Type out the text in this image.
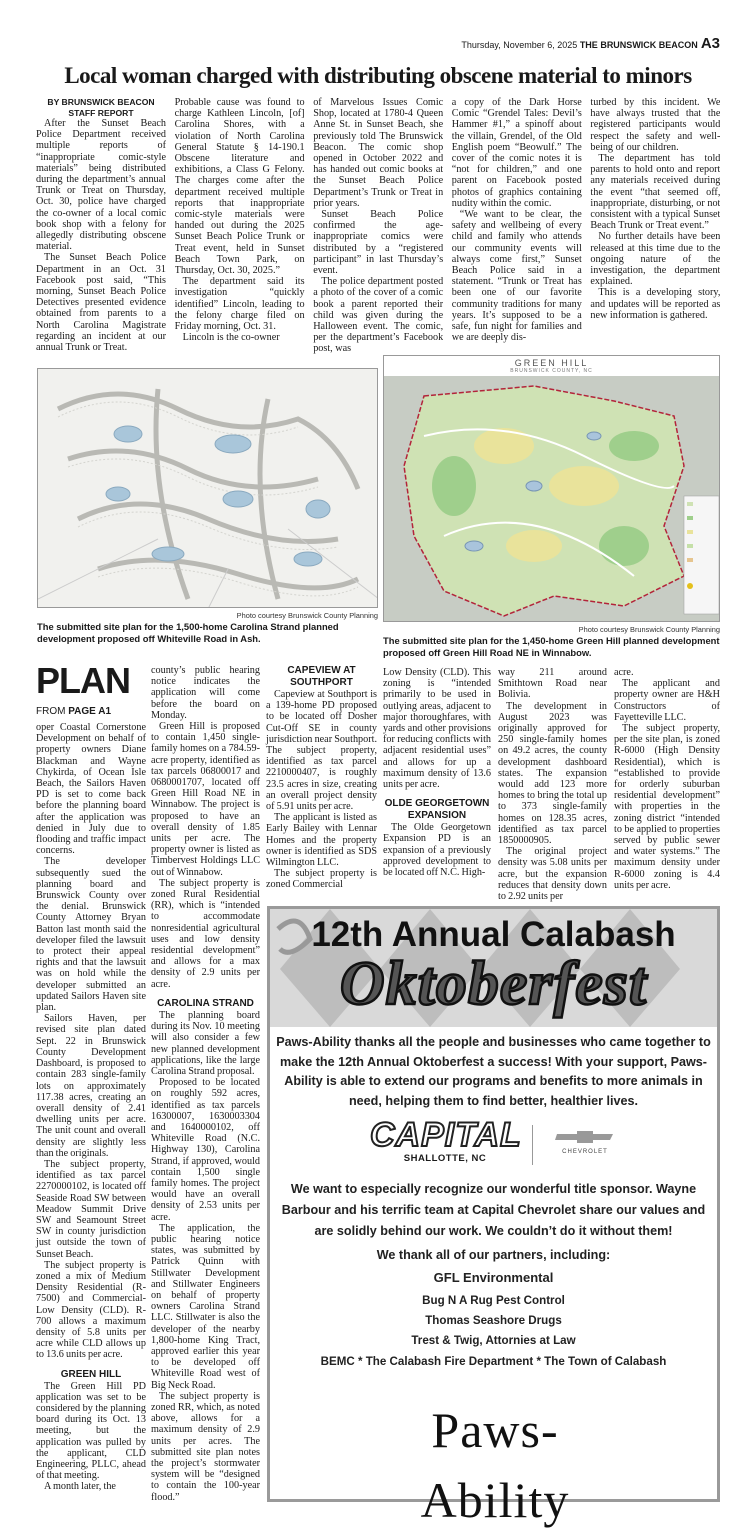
Thursday, November 6, 2025 THE BRUNSWICK BEACON A3
Local woman charged with distributing obscene material to minors

BY BRUNSWICK BEACON STAFF REPORT

After the Sunset Beach Police Department received multiple reports of “inappropriate comic-style materials” being distributed during the department’s annual Trunk or Treat on Thursday, Oct. 30, police have charged the co-owner of a local comic book shop with a felony for allegedly distributing obscene material.

The Sunset Beach Police Department in an Oct. 31 Facebook post said, “This morning, Sunset Beach Police Detectives presented evidence obtained from parents to a North Carolina Magistrate regarding an incident at our annual Trunk or Treat.

Probable cause was found to charge Kathleen Lincoln, [of] Carolina Shores, with a violation of North Carolina General Statute § 14-190.1 Obscene literature and exhibitions, a Class G Felony. The charges come after the department received multiple reports that inappropriate comic-style materials were handed out during the 2025 Sunset Beach Police Trunk or Treat event, held in Sunset Beach Town Park, on Thursday, Oct. 30, 2025.”

The department said its investigation “quickly identified” Lincoln, leading to the felony charge filed on Friday morning, Oct. 31.

Lincoln is the co-owner

of Marvelous Issues Comic Shop, located at 1780-4 Queen Anne St. in Sunset Beach, she previously told The Brunswick Beacon. The comic shop opened in October 2022 and has handed out comic books at the Sunset Beach Police Department’s Trunk or Treat in prior years.

Sunset Beach Police confirmed the age-inappropriate comics were distributed by a “registered participant” in last Thursday’s event.

The police department posted a photo of the cover of a comic book a parent reported their child was given during the Halloween event. The comic, per the department’s Facebook post, was

a copy of the Dark Horse Comic “Grendel Tales: Devil’s Hammer #1,” a spinoff about the villain, Grendel, of the Old English poem “Beowulf.” The cover of the comic notes it is “not for children,” and one parent on Facebook posted photos of graphics containing nudity within the comic.

“We want to be clear, the safety and wellbeing of every child and family who attends our community events will always come first,” Sunset Beach Police said in a statement. “Trunk or Treat has been one of our favorite community traditions for many years. It’s supposed to be a safe, fun night for families and we are deeply dis-

turbed by this incident. We have always trusted that the registered participants would respect the safety and well-being of our children.

The department has told parents to hold onto and report any materials received during the event “that seemed off, inappropriate, disturbing, or not consistent with a typical Sunset Beach Trunk or Treat event.”

No further details have been released at this time due to the ongoing nature of the investigation, the department explained.

This is a developing story, and updates will be reported as new information is gathered.

Photo courtesy Brunswick County Planning
The submitted site plan for the 1,500-home Carolina Strand planned development proposed off Whiteville Road in Ash.
GREEN HILL
BRUNSWICK COUNTY, NC
Photo courtesy Brunswick County Planning
The submitted site plan for the 1,450-home Green Hill planned development proposed off Green Hill Road NE in Winnabow.
PLAN
FROM PAGE A1

oper Coastal Cornerstone Development on behalf of property owners Diane Blackman and Wayne Chykirda, of Ocean Isle Beach, the Sailors Haven PD is set to come back before the planning board after the application was denied in July due to flooding and traffic impact concerns.

The developer subsequently sued the planning board and Brunswick County over the denial. Brunswick County Attorney Bryan Batton last month said the developer filed the lawsuit to protect their appeal rights and that the lawsuit was on hold while the developer submitted an updated Sailors Haven site plan.

Sailors Haven, per revised site plan dated Sept. 22 in Brunswick County Development Dashboard, is proposed to contain 283 single-family lots on approximately 117.38 acres, creating an overall density of 2.41 dwelling units per acre. The unit count and overall density are slightly less than the originals.

The subject property, identified as tax parcel 2270000102, is located off Seaside Road SW between Meadow Summit Drive SW and Seamount Street SW in county jurisdiction just outside the town of Sunset Beach.

The subject property is zoned a mix of Medium Density Residential (R-7500) and Commercial-Low Density (CLD). R-700 allows a maximum density of 5.8 units per acre while CLD allows up to 13.6 units per acre.

GREEN HILL

The Green Hill PD application was set to be considered by the planning board during its Oct. 13 meeting, but the application was pulled by the applicant, CLD Engineering, PLLC, ahead of that meeting.

A month later, the

county’s public hearing notice indicates the application will come before the board on Monday.

Green Hill is proposed to contain 1,450 single-family homes on a 784.59-acre property, identified as tax parcels 06800017 and 0680001707, located off Green Hill Road NE in Winnabow. The project is proposed to have an overall density of 1.85 units per acre. The property owner is listed as Timbervest Holdings LLC out of Winnabow.

The subject property is zoned Rural Residential (RR), which is “intended to accommodate nonresidential agricultural uses and low density residential development” and allows for a max density of 2.9 units per acre.

CAROLINA STRAND

The planning board during its Nov. 10 meeting will also consider a few new planned development applications, like the large Carolina Strand proposal.

Proposed to be located on roughly 592 acres, identified as tax parcels 16300007, 1630003304 and 1640000102, off Whiteville Road (N.C. Highway 130), Carolina Strand, if approved, would contain 1,500 single family homes. The project would have an overall density of 2.53 units per acre.

The application, the public hearing notice states, was submitted by Patrick Quinn with Stillwater Development and Stillwater Engineers on behalf of property owners Carolina Strand LLC. Stillwater is also the developer of the nearby 1,800-home King Tract, approved earlier this year to be developed off Whiteville Road west of Big Neck Road.

The subject property is zoned RR, which, as noted above, allows for a maximum density of 2.9 units per acres. The submitted site plan notes the project’s stormwater system will be “designed to contain the 100-year flood.”

CAPEVIEW AT SOUTHPORT

Capeview at Southport is a 139-home PD proposed to be located off Dosher Cut-Off SE in county jurisdiction near Southport. The subject property, identified as tax parcel 2210000407, is roughly 23.5 acres in size, creating an overall project density of 5.91 units per acre.

The applicant is listed as Early Bailey with Lennar Homes and the property owner is identified as SDS Wilmington LLC.

The subject property is zoned Commercial

Low Density (CLD). This zoning is “intended primarily to be used in outlying areas, adjacent to major thoroughfares, with yards and other provisions for reducing conflicts with adjacent residential uses” and allows for up a maximum density of 13.6 units per acre.

OLDE GEORGETOWN EXPANSION

The Olde Georgetown Expansion PD is an expansion of a previously approved development to be located off N.C. High-

way 211 around Smithtown Road near Bolivia.

The development in August 2023 was originally approved for 250 single-family homes on 49.2 acres, the county development dashboard states. The expansion would add 123 more homes to bring the total up to 373 single-family homes on 128.35 acres, identified as tax parcel 1850000905.

The original project density was 5.08 units per acre, but the expansion reduces that density down to 2.92 units per

acre.

The applicant and property owner are H&H Constructors of Fayetteville LLC.

The subject property, per the site plan, is zoned R-6000 (High Density Residential), which is “established to provide for orderly suburban residential development” with properties in the zoning district “intended to be applied to properties served by public sewer and water systems.” The maximum density under R-6000 zoning is 4.4 units per acre.

12th Annual Calabash
Oktoberfest

Paws-Ability thanks all the people and businesses who came together to make the 12th Annual Oktoberfest a success! With your support, Paws-Ability is able to extend our programs and benefits to more animals in need, helping them to find better, healthier lives.

CAPITAL
SHALLOTTE, NC
CHEVROLET

We want to especially recognize our wonderful title sponsor. Wayne Barbour and his terrific team at Capital Chevrolet share our values and are solidly behind our work. We couldn’t do it without them!

We thank all of our partners, including:

GFL Environmental

Bug N A Rug Pest Control

Thomas Seashore Drugs

Trest & Twig, Attornies at Law

BEMC * The Calabash Fire Department * The Town of Calabash

Paws-Ability
